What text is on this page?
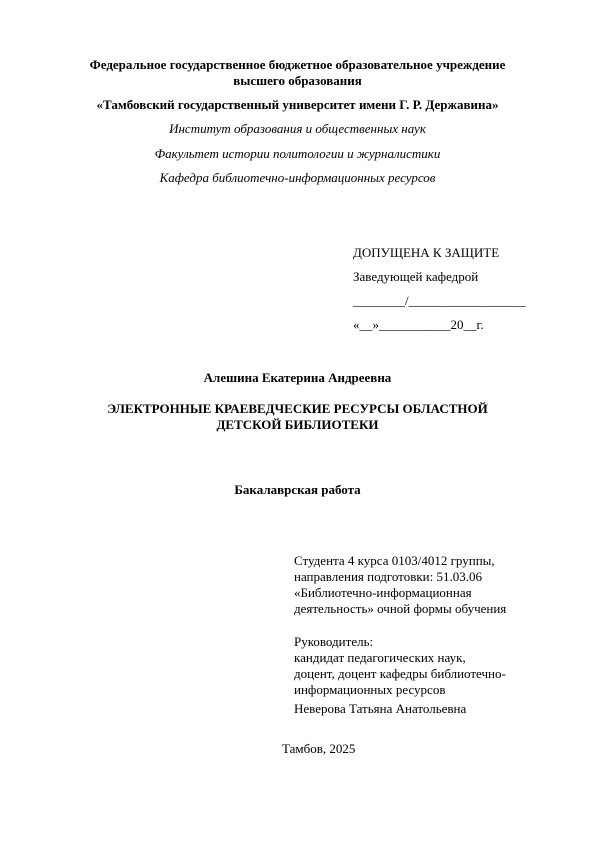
Федеральное государственное бюджетное образовательное учреждение
высшего образования
«Тамбовский государственный университет имени Г. Р. Державина»
Институт образования и общественных наук
Факультет истории политологии и журналистики
Кафедра библиотечно-информационных ресурсов
ДОПУЩЕНА К ЗАЩИТЕ
Заведующей кафедрой
________/__________________
«__»___________20__г.
Алешина Екатерина Андреевна
ЭЛЕКТРОННЫЕ КРАЕВЕДЧЕСКИЕ РЕСУРСЫ ОБЛАСТНОЙ
ДЕТСКОЙ БИБЛИОТЕКИ
Бакалаврская работа
Студента 4 курса 0103/4012 группы,
направления подготовки: 51.03.06
«Библиотечно-информационная
деятельность» очной формы обучения
Руководитель:
кандидат педагогических наук,
доцент, доцент кафедры библиотечно-
информационных ресурсов
Неверова Татьяна Анатольевна
Тамбов, 2025
